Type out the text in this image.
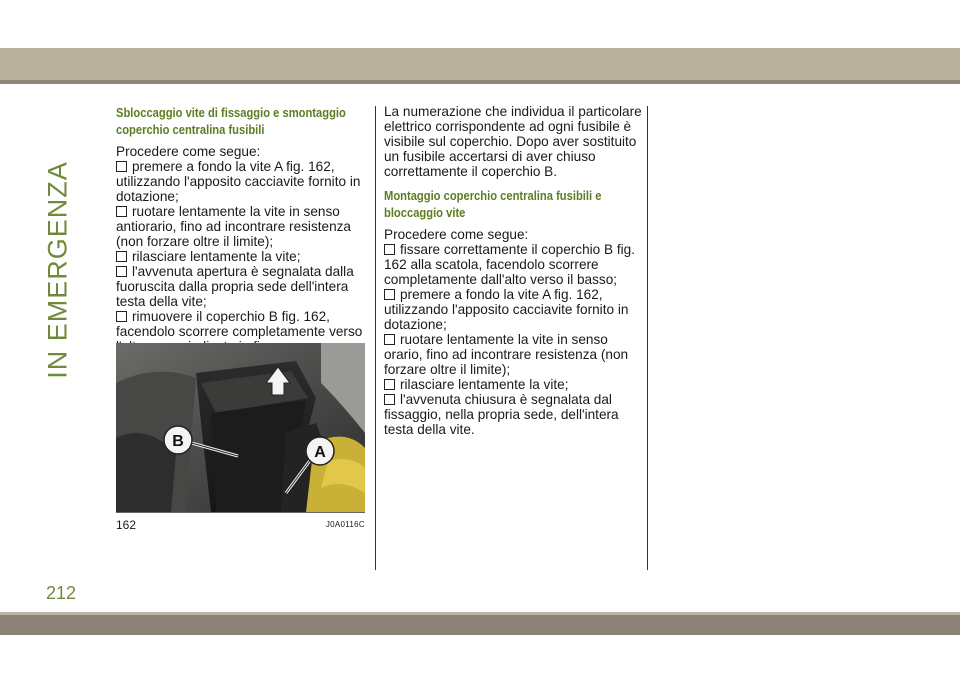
IN EMERGENZA
Sbloccaggio vite di fissaggio e smontaggio coperchio centralina fusibili

Procedere come segue:

premere a fondo la vite A fig. 162, utilizzando l'apposito cacciavite fornito in dotazione;

ruotare lentamente la vite in senso antiorario, fino ad incontrare resistenza (non forzare oltre il limite);

rilasciare lentamente la vite;

l'avvenuta apertura è segnalata dalla fuoruscita dalla propria sede dell'intera testa della vite;

rimuovere il coperchio B fig. 162, facendolo scorrere completamente verso

B
A
162	J0A0116C

La numerazione che individua il particolare elettrico corrispondente ad ogni fusibile è visibile sul coperchio. Dopo aver sostituito un fusibile accertarsi di aver chiuso correttamente il coperchio B.

Montaggio coperchio centralina fusibili e bloccaggio vite

Procedere come segue:

fissare correttamente il coperchio B fig. 162 alla scatola, facendolo scorrere completamente dall'alto verso il basso;

premere a fondo la vite A fig. 162, utilizzando l'apposito cacciavite fornito in dotazione;

ruotare lentamente la vite in senso orario, fino ad incontrare resistenza (non forzare oltre il limite);

rilasciare lentamente la vite;

l'avvenuta chiusura è segnalata dal fissaggio, nella propria sede, dell'intera testa della vite.

212
